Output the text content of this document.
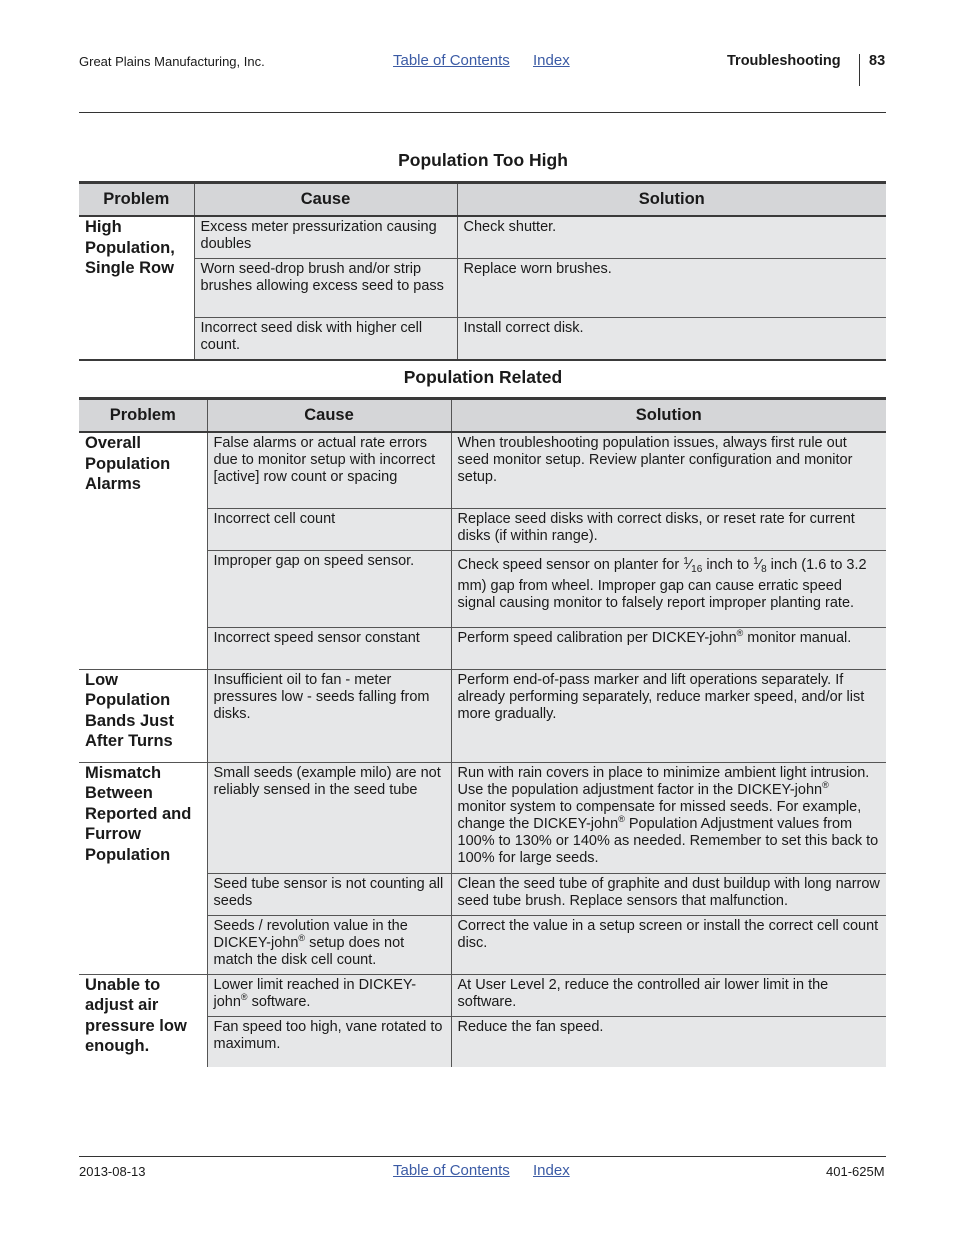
Great Plains Manufacturing, Inc.	Table of Contents Index	Troubleshooting 83
Population Too High
Problem	Cause	Solution
High Population, Single Row	Excess meter pressurization causing doubles	Check shutter.

	Worn seed-drop brush and/or strip brushes allowing excess seed to pass	Replace worn brushes.

	Incorrect seed disk with higher cell count.	Install correct disk.
Population Related
Problem	Cause	Solution
Overall Population Alarms	False alarms or actual rate errors due to monitor setup with incorrect [active] row count or spacing	When troubleshooting population issues, always first rule out seed monitor setup. Review planter configuration and monitor setup.

	Incorrect cell count	Replace seed disks with correct disks, or reset rate for current disks (if within range).

	Improper gap on speed sensor.	Check speed sensor on planter for $^1⁄_{16}$ inch to $^1⁄_8$ inch (1.6 to 3.2 mm) gap from wheel. Improper gap can cause erratic speed signal causing monitor to falsely report improper planting rate.

	Incorrect speed sensor constant	Perform speed calibration per DICKEY-john® monitor manual.

Low Population Bands Just After Turns	Insufficient oil to fan - meter pressures low - seeds falling from disks.	Perform end-of-pass marker and lift operations separately. If already performing separately, reduce marker speed, and/or list more gradually.

Mismatch Between Reported and Furrow Population	Small seeds (example milo) are not reliably sensed in the seed tube	Run with rain covers in place to minimize ambient light intrusion. Use the population adjustment factor in the DICKEY-john® monitor system to compensate for missed seeds. For example, change the DICKEY-john® Population Adjustment values from 100% to 130% or 140% as needed. Remember to set this back to 100% for large seeds.

	Seed tube sensor is not counting all seeds	Clean the seed tube of graphite and dust buildup with long narrow seed tube brush. Replace sensors that malfunction.

	Seeds / revolution value in the DICKEY-john® setup does not match the disk cell count.	Correct the value in a setup screen or install the correct cell count disc.

Unable to adjust air pressure low enough.	Lower limit reached in DICKEY-john® software.	At User Level 2, reduce the controlled air lower limit in the software.

	Fan speed too high, vane rotated to maximum.	Reduce the fan speed.
2013-08-13	Table of Contents Index	401-625M
